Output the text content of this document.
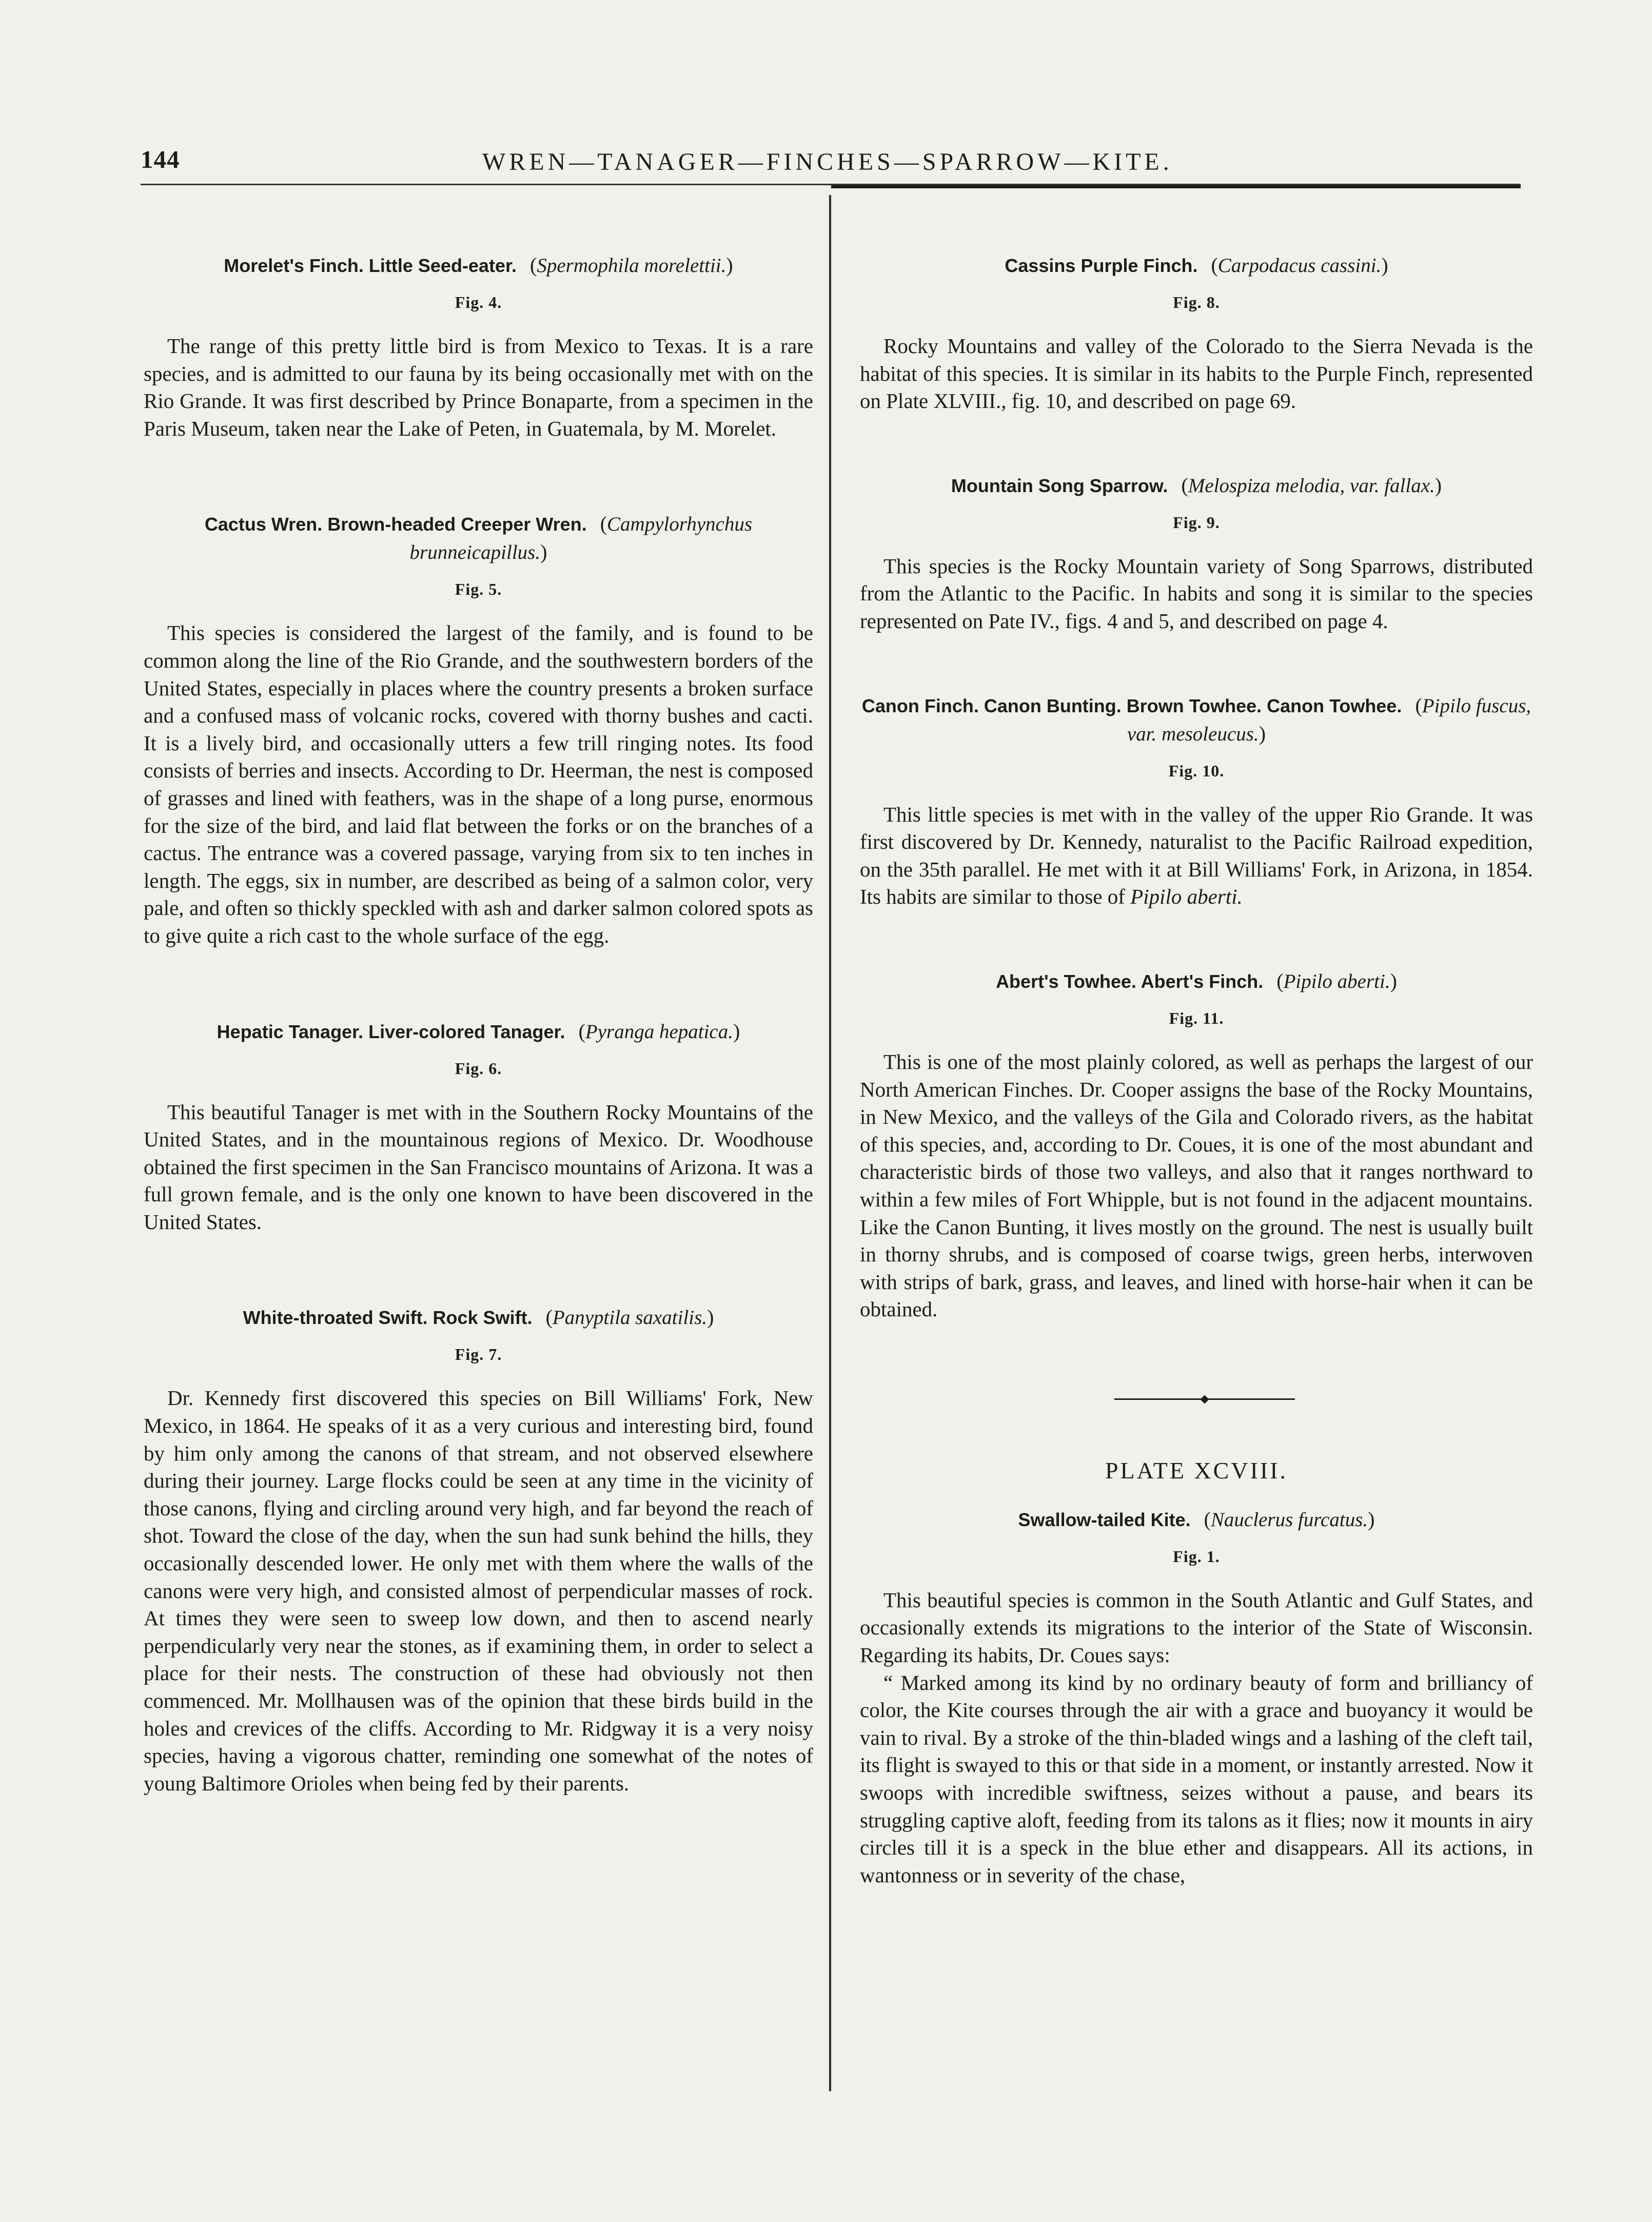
144	WREN—TANAGER—FINCHES—SPARROW—KITE.

Morelet's Finch. Little Seed-eater. (Spermophila morelettii.)

Fig. 4.

The range of this pretty little bird is from Mexico to Texas. It is a rare species, and is admitted to our fauna by its being occasionally met with on the Rio Grande. It was first described by Prince Bonaparte, from a specimen in the Paris Museum, taken near the Lake of Peten, in Guatemala, by M. Morelet.

Cactus Wren. Brown-headed Creeper Wren. (Campylorhynchus brunneicapillus.)

Fig. 5.

This species is considered the largest of the family, and is found to be common along the line of the Rio Grande, and the southwestern borders of the United States, especially in places where the country presents a broken surface and a confused mass of volcanic rocks, covered with thorny bushes and cacti. It is a lively bird, and occasionally utters a few trill ringing notes. Its food consists of berries and insects. According to Dr. Heerman, the nest is composed of grasses and lined with feathers, was in the shape of a long purse, enormous for the size of the bird, and laid flat between the forks or on the branches of a cactus. The entrance was a covered passage, varying from six to ten inches in length. The eggs, six in number, are described as being of a salmon color, very pale, and often so thickly speckled with ash and darker salmon colored spots as to give quite a rich cast to the whole surface of the egg.

Hepatic Tanager. Liver-colored Tanager. (Pyranga hepatica.)

Fig. 6.

This beautiful Tanager is met with in the Southern Rocky Mountains of the United States, and in the mountainous regions of Mexico. Dr. Woodhouse obtained the first specimen in the San Francisco mountains of Arizona. It was a full grown female, and is the only one known to have been discovered in the United States.

White-throated Swift. Rock Swift. (Panyptila saxatilis.)

Fig. 7.

Dr. Kennedy first discovered this species on Bill Williams' Fork, New Mexico, in 1864. He speaks of it as a very curious and interesting bird, found by him only among the canons of that stream, and not observed elsewhere during their journey. Large flocks could be seen at any time in the vicinity of those canons, flying and circling around very high, and far beyond the reach of shot. Toward the close of the day, when the sun had sunk behind the hills, they occasionally descended lower. He only met with them where the walls of the canons were very high, and consisted almost of perpendicular masses of rock. At times they were seen to sweep low down, and then to ascend nearly perpendicularly very near the stones, as if examining them, in order to select a place for their nests. The construction of these had obviously not then commenced. Mr. Mollhausen was of the opinion that these birds build in the holes and crevices of the cliffs. According to Mr. Ridgway it is a very noisy species, having a vigorous chatter, reminding one somewhat of the notes of young Baltimore Orioles when being fed by their parents.

Cassins Purple Finch. (Carpodacus cassini.)

Fig. 8.

Rocky Mountains and valley of the Colorado to the Sierra Nevada is the habitat of this species. It is similar in its habits to the Purple Finch, represented on Plate XLVIII., fig. 10, and described on page 69.

Mountain Song Sparrow. (Melospiza melodia, var. fallax.)

Fig. 9.

This species is the Rocky Mountain variety of Song Sparrows, distributed from the Atlantic to the Pacific. In habits and song it is similar to the species represented on Pate IV., figs. 4 and 5, and described on page 4.

Canon Finch. Canon Bunting. Brown Towhee. Canon Towhee. (Pipilo fuscus, var. mesoleucus.)

Fig. 10.

This little species is met with in the valley of the upper Rio Grande. It was first discovered by Dr. Kennedy, naturalist to the Pacific Railroad expedition, on the 35th parallel. He met with it at Bill Williams' Fork, in Arizona, in 1854. Its habits are similar to those of Pipilo aberti.

Abert's Towhee. Abert's Finch. (Pipilo aberti.)

Fig. 11.

This is one of the most plainly colored, as well as perhaps the largest of our North American Finches. Dr. Cooper assigns the base of the Rocky Mountains, in New Mexico, and the valleys of the Gila and Colorado rivers, as the habitat of this species, and, according to Dr. Coues, it is one of the most abundant and characteristic birds of those two valleys, and also that it ranges northward to within a few miles of Fort Whipple, but is not found in the adjacent mountains. Like the Canon Bunting, it lives mostly on the ground. The nest is usually built in thorny shrubs, and is composed of coarse twigs, green herbs, interwoven with strips of bark, grass, and leaves, and lined with horse-hair when it can be obtained.

PLATE XCVIII.

Swallow-tailed Kite. (Nauclerus furcatus.)

Fig. 1.

This beautiful species is common in the South Atlantic and Gulf States, and occasionally extends its migrations to the interior of the State of Wisconsin. Regarding its habits, Dr. Coues says:

“ Marked among its kind by no ordinary beauty of form and brilliancy of color, the Kite courses through the air with a grace and buoyancy it would be vain to rival. By a stroke of the thin-bladed wings and a lashing of the cleft tail, its flight is swayed to this or that side in a moment, or instantly arrested. Now it swoops with incredible swiftness, seizes without a pause, and bears its struggling captive aloft, feeding from its talons as it flies; now it mounts in airy circles till it is a speck in the blue ether and disappears. All its actions, in wantonness or in severity of the chase,
